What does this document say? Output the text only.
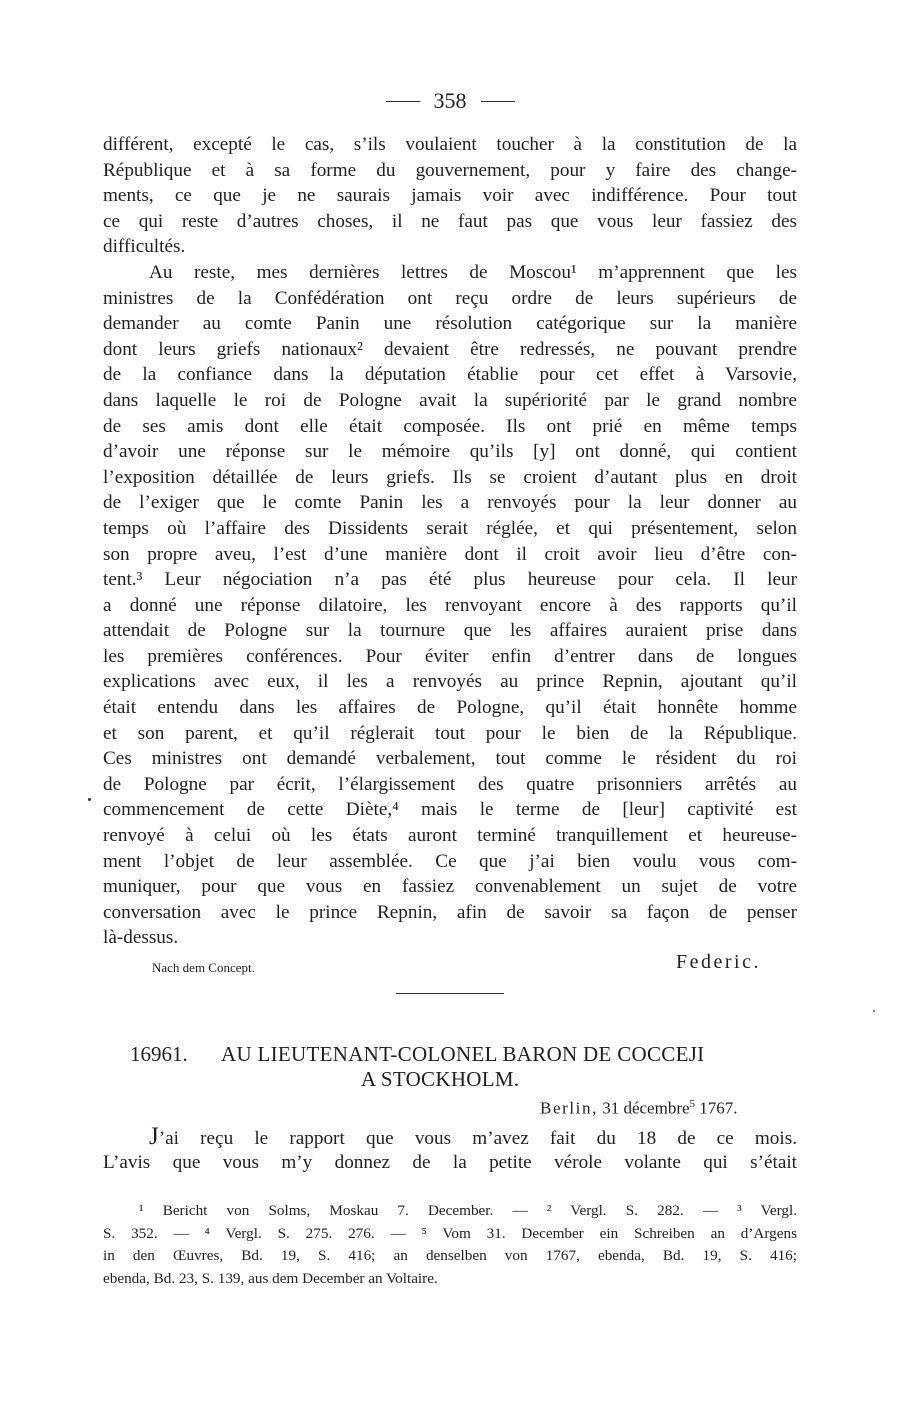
358
différent, excepté le cas, s’ils voulaient toucher à la constitution de la
République et à sa forme du gouvernement, pour y faire des change-
ments, ce que je ne saurais jamais voir avec indifférence. Pour tout
ce qui reste d’autres choses, il ne faut pas que vous leur fassiez des
difficultés.
Au reste, mes dernières lettres de Moscou¹ m’apprennent que les
ministres de la Confédération ont reçu ordre de leurs supérieurs de
demander au comte Panin une résolution catégorique sur la manière
dont leurs griefs nationaux² devaient être redressés, ne pouvant prendre
de la confiance dans la députation établie pour cet effet à Varsovie,
dans laquelle le roi de Pologne avait la supériorité par le grand nombre
de ses amis dont elle était composée. Ils ont prié en même temps
d’avoir une réponse sur le mémoire qu’ils [y] ont donné, qui contient
l’exposition détaillée de leurs griefs. Ils se croient d’autant plus en droit
de l’exiger que le comte Panin les a renvoyés pour la leur donner au
temps où l’affaire des Dissidents serait réglée, et qui présentement, selon
son propre aveu, l’est d’une manière dont il croit avoir lieu d’être con-
tent.³ Leur négociation n’a pas été plus heureuse pour cela. Il leur
a donné une réponse dilatoire, les renvoyant encore à des rapports qu’il
attendait de Pologne sur la tournure que les affaires auraient prise dans
les premières conférences. Pour éviter enfin d’entrer dans de longues
explications avec eux, il les a renvoyés au prince Repnin, ajoutant qu’il
était entendu dans les affaires de Pologne, qu’il était honnête homme
et son parent, et qu’il réglerait tout pour le bien de la République.
Ces ministres ont demandé verbalement, tout comme le résident du roi
de Pologne par écrit, l’élargissement des quatre prisonniers arrêtés au
commencement de cette Diète,⁴ mais le terme de [leur] captivité est
renvoyé à celui où les états auront terminé tranquillement et heureuse-
ment l’objet de leur assemblée. Ce que j’ai bien voulu vous com-
muniquer, pour que vous en fassiez convenablement un sujet de votre
conversation avec le prince Repnin, afin de savoir sa façon de penser
là-dessus.
Nach dem Concept.	Federic.
16961. AU LIEUTENANT-COLONEL BARON DE COCCEJI
A STOCKHOLM.
Berlin, 31 décembre$^5$ 1767.
J’ai reçu le rapport que vous m’avez fait du 18 de ce mois.
L’avis que vous m’y donnez de la petite vérole volante qui s’était
¹ Bericht von Solms, Moskau 7. December. — ² Vergl. S. 282. — ³ Vergl.
S. 352. — ⁴ Vergl. S. 275. 276. — ⁵ Vom 31. December ein Schreiben an d’Argens
in den Œuvres, Bd. 19, S. 416; an denselben von 1767, ebenda, Bd. 19, S. 416;
ebenda, Bd. 23, S. 139, aus dem December an Voltaire.
